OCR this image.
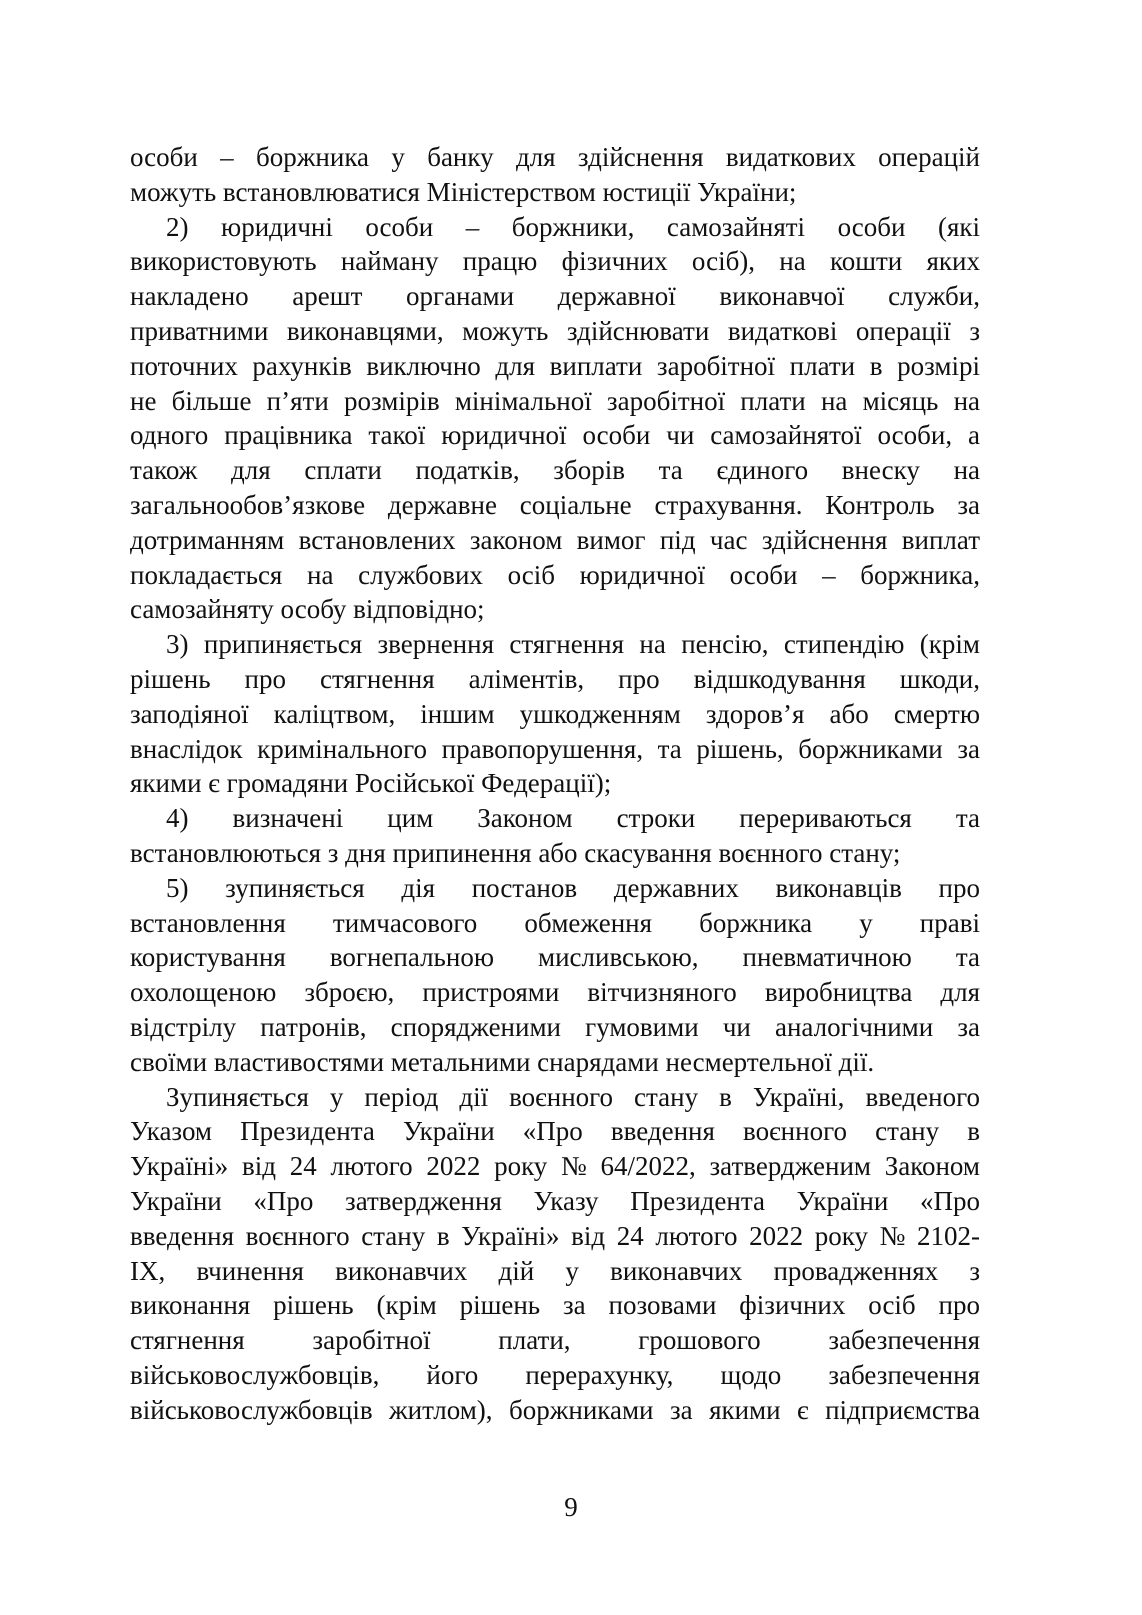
особи – боржника у банку для здійснення видаткових операцій
можуть встановлюватися Міністерством юстиції України;
2) юридичні особи – боржники, самозайняті особи (які
використовують найману працю фізичних осіб), на кошти яких
накладено арешт органами державної виконавчої служби,
приватними виконавцями, можуть здійснювати видаткові операції з
поточних рахунків виключно для виплати заробітної плати в розмірі
не більше п’яти розмірів мінімальної заробітної плати на місяць на
одного працівника такої юридичної особи чи самозайнятої особи, а
також для сплати податків, зборів та єдиного внеску на
загальнообов’язкове державне соціальне страхування. Контроль за
дотриманням встановлених законом вимог під час здійснення виплат
покладається на службових осіб юридичної особи – боржника,
самозайняту особу відповідно;
3) припиняється звернення стягнення на пенсію, стипендію (крім
рішень про стягнення аліментів, про відшкодування шкоди,
заподіяної каліцтвом, іншим ушкодженням здоров’я або смертю
внаслідок кримінального правопорушення, та рішень, боржниками за
якими є громадяни Російської Федерації);
4) визначені цим Законом строки перериваються та
встановлюються з дня припинення або скасування воєнного стану;
5) зупиняється дія постанов державних виконавців про
встановлення тимчасового обмеження боржника у праві
користування вогнепальною мисливською, пневматичною та
охолощеною зброєю, пристроями вітчизняного виробництва для
відстрілу патронів, спорядженими гумовими чи аналогічними за
своїми властивостями метальними снарядами несмертельної дії.
Зупиняється у період дії воєнного стану в Україні, введеного
Указом Президента України «Про введення воєнного стану в
Україні» від 24 лютого 2022 року № 64/2022, затвердженим Законом
України «Про затвердження Указу Президента України «Про
введення воєнного стану в Україні» від 24 лютого 2022 року № 2102-
IX, вчинення виконавчих дій у виконавчих провадженнях з
виконання рішень (крім рішень за позовами фізичних осіб про
стягнення заробітної плати, грошового забезпечення
військовослужбовців, його перерахунку, щодо забезпечення
військовослужбовців житлом), боржниками за якими є підприємства
9
